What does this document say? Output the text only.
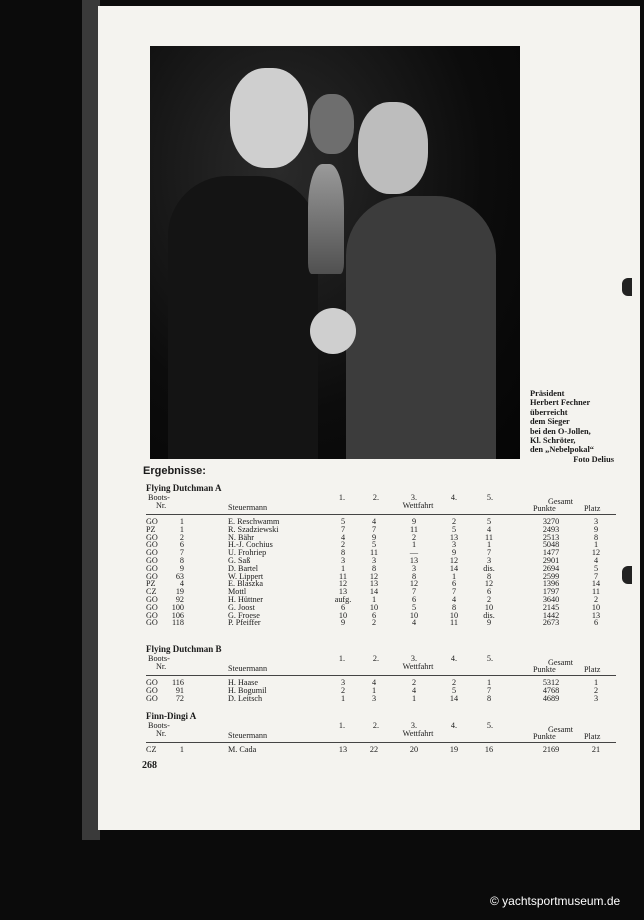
Präsident
Herbert Fechner
überreicht
dem Sieger
bei den O-Jollen,
Kl. Schröter,
den „Nebelpokal“
Foto Delius
Ergebnisse:
Flying Dutchman A
Boots-
Nr.	Steuermann
1.	2.	3.	4.	5.
Wettfahrt	Gesamt
Punkte	Platz
GO	1	E. Reschwamm	5	4	9	2	5	3270	3
PZ	1	R. Szadziewski	7	7	11	5	4	2493	9
GO	2	N. Bähr	4	9	2	13	11	2513	8
GO	6	H.-J. Cochius	2	5	1	3	1	5048	1
GO	7	U. Frohriep	8	11	—	9	7	1477	12
GO	8	G. Saß	3	3	13	12	3	2901	4
GO	9	D. Bartel	1	8	3	14	dis.	2694	5
GO	63	W. Lippert	11	12	8	1	8	2599	7
PZ	4	E. Blaszka	12	13	12	6	12	1396	14
CZ	19	Mottl	13	14	7	7	6	1797	11
GO	92	H. Hüttner	aufg.	1	6	4	2	3640	2
GO	100	G. Joost	6	10	5	8	10	2145	10
GO	106	G. Froese	10	6	10	10	dis.	1442	13
GO	118	P. Pfeiffer	9	2	4	11	9	2673	6
Flying Dutchman B
Boots-
Nr.	Steuermann
1.	2.	3.	4.	5.
Wettfahrt	Gesamt
Punkte	Platz
GO	116	H. Haase	3	4	2	2	1	5312	1
GO	91	H. Bogumil	2	1	4	5	7	4768	2
GO	72	D. Leitsch	1	3	1	14	8	4689	3
Finn-Dingi A
Boots-
Nr.	Steuermann
1.	2.	3.	4.	5.
Wettfahrt	Gesamt
Punkte	Platz
CZ	1	M. Cada	13	22	20	19	16	2169	21
268
© yachtsportmuseum.de
